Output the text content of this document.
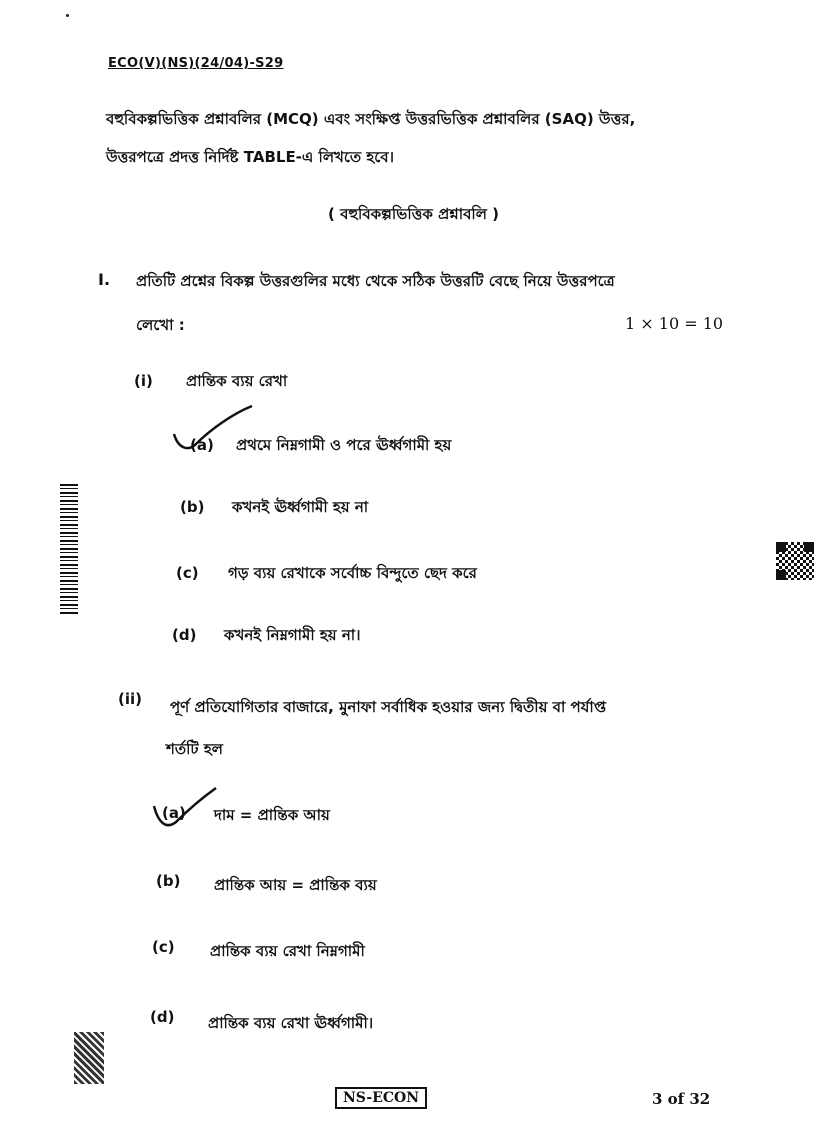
ECO(V)(NS)(24/04)-S29
বহুবিকল্পভিত্তিক প্রশ্নাবলির (MCQ) এবং সংক্ষিপ্ত উত্তরভিত্তিক প্রশ্নাবলির (SAQ) উত্তর,
উত্তরপত্রে প্রদত্ত নির্দিষ্ট TABLE-এ লিখতে হবে।
( বহুবিকল্পভিত্তিক প্রশ্নাবলি )
I. প্রতিটি প্রশ্নের বিকল্প উত্তরগুলির মধ্যে থেকে সঠিক উত্তরটি বেছে নিয়ে উত্তরপত্রে
লেখো :	1 × 10 = 10
(i) প্রান্তিক ব্যয় রেখা
(a) প্রথমে নিম্নগামী ও পরে ঊর্ধ্বগামী হয়
(b) কখনই ঊর্ধ্বগামী হয় না
(c) গড় ব্যয় রেখাকে সর্বোচ্চ বিন্দুতে ছেদ করে
(d) কখনই নিম্নগামী হয় না।
(ii) পূর্ণ প্রতিযোগিতার বাজারে, মুনাফা সর্বাধিক হওয়ার জন্য দ্বিতীয় বা পর্যাপ্ত
শর্তটি হল
(a) দাম = প্রান্তিক আয়
(b) প্রান্তিক আয় = প্রান্তিক ব্যয়
(c) প্রান্তিক ব্যয় রেখা নিম্নগামী
(d) প্রান্তিক ব্যয় রেখা ঊর্ধ্বগামী।
NS-ECON	3 of 32
